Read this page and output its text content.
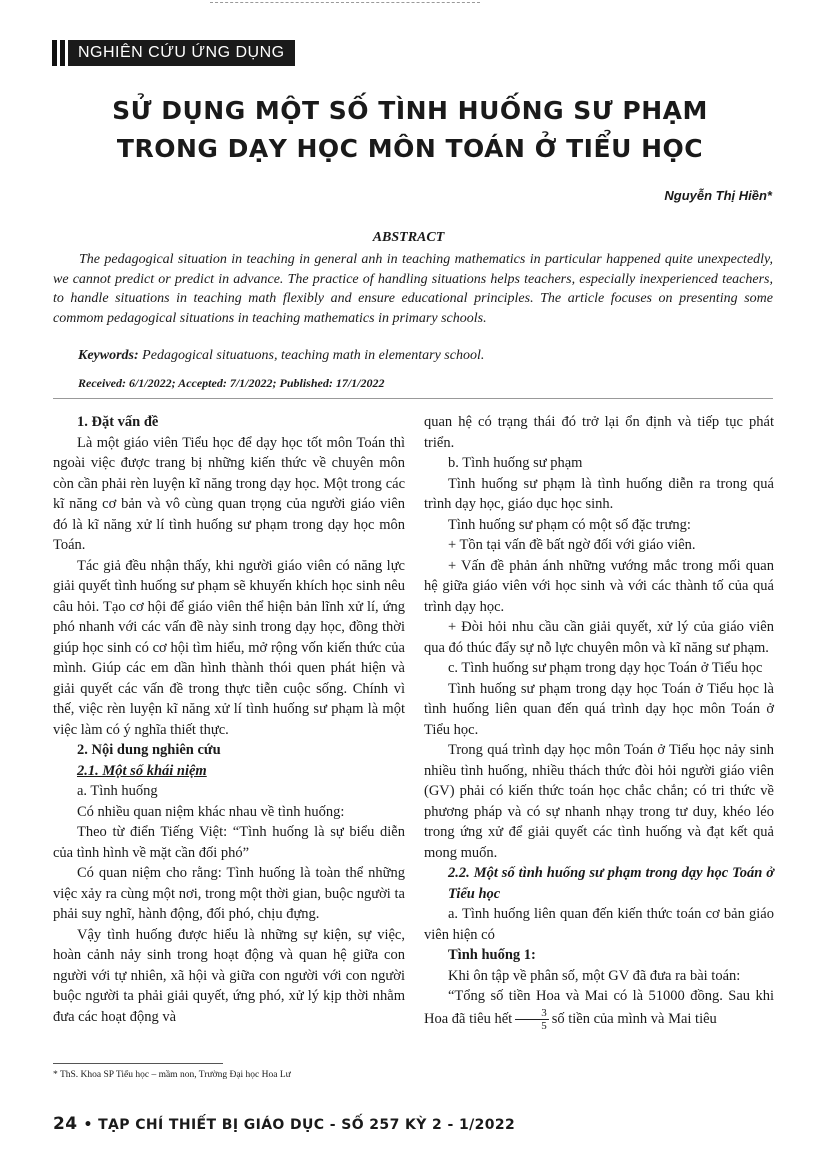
NGHIÊN CỨU ỨNG DỤNG
SỬ DỤNG MỘT SỐ TÌNH HUỐNG SƯ PHẠM
TRONG DẠY HỌC MÔN TOÁN Ở TIỂU HỌC
Nguyễn Thị Hiền*
ABSTRACT
The pedagogical situation in teaching in general anh in teaching mathematics in particular happened quite unexpectedly, we cannot predict or predict in advance. The practice of handling situations helps teachers, especially inexperienced teachers, to handle situations in teaching math flexibly and ensure educational principles. The article focuses on presenting some commom pedagogical situations in teaching mathematics in primary schools.
Keywords: Pedagogical situatuons, teaching math in elementary school.
Received: 6/1/2022; Accepted: 7/1/2022; Published: 17/1/2022

1. Đặt vấn đề

Là một giáo viên Tiểu học để dạy học tốt môn Toán thì ngoài việc được trang bị những kiến thức về chuyên môn còn cần phải rèn luyện kĩ năng trong dạy học. Một trong các kĩ năng cơ bản và vô cùng quan trọng của người giáo viên đó là kĩ năng xử lí tình huống sư phạm trong dạy học môn Toán.

Tác giả đều nhận thấy, khi người giáo viên có năng lực giải quyết tình huống sư phạm sẽ khuyến khích học sinh nêu câu hỏi. Tạo cơ hội để giáo viên thể hiện bản lĩnh xử lí, ứng phó nhanh với các vấn đề này sinh trong dạy học, đồng thời giúp học sinh có cơ hội tìm hiểu, mở rộng vốn kiến thức của mình. Giúp các em dần hình thành thói quen phát hiện và giải quyết các vấn đề trong thực tiễn cuộc sống. Chính vì thế, việc rèn luyện kĩ năng xử lí tình huống sư phạm là một việc làm có ý nghĩa thiết thực.

2. Nội dung nghiên cứu

2.1. Một số khái niệm

a. Tình huống

Có nhiều quan niệm khác nhau về tình huống:

Theo từ điển Tiếng Việt: “Tình huống là sự biểu diễn của tình hình về mặt cần đối phó”

Có quan niệm cho rằng: Tình huống là toàn thể những việc xảy ra cùng một nơi, trong một thời gian, buộc người ta phải suy nghĩ, hành động, đối phó, chịu đựng.

Vậy tình huống được hiểu là những sự kiện, sự việc, hoàn cảnh nảy sinh trong hoạt động và quan hệ giữa con người với tự nhiên, xã hội và giữa con người với con người buộc người ta phải giải quyết, ứng phó, xử lý kịp thời nhằm đưa các hoạt động và

quan hệ có trạng thái đó trở lại ổn định và tiếp tục phát triển.

b. Tình huống sư phạm

Tình huống sư phạm là tình huống diễn ra trong quá trình dạy học, giáo dục học sinh.

Tình huống sư phạm có một số đặc trưng:

+ Tồn tại vấn đề bất ngờ đối với giáo viên.

+ Vấn đề phản ánh những vướng mắc trong mối quan hệ giữa giáo viên với học sinh và với các thành tố của quá trình dạy học.

+ Đòi hỏi nhu cầu cần giải quyết, xử lý của giáo viên qua đó thúc đẩy sự nỗ lực chuyên môn và kĩ năng sư phạm.

c. Tình huống sư phạm trong dạy học Toán ở Tiểu học

Tình huống sư phạm trong dạy học Toán ở Tiểu học là tình huống liên quan đến quá trình dạy học môn Toán ở Tiểu học.

Trong quá trình dạy học môn Toán ở Tiểu học nảy sinh nhiều tình huống, nhiều thách thức đòi hỏi người giáo viên (GV) phải có kiến thức toán học chắc chắn; có tri thức về phương pháp và có sự nhanh nhạy trong tư duy, khéo léo trong ứng xử để giải quyết các tình huống và đạt kết quả mong muốn.

2.2. Một số tình huống sư phạm trong dạy học Toán ở Tiểu học

a. Tình huống liên quan đến kiến thức toán cơ bản giáo viên hiện có

Tình huống 1:

Khi ôn tập về phân số, một GV đã đưa ra bài toán:

“Tổng số tiền Hoa và Mai có là 51000 đồng. Sau khi Hoa đã tiêu hết $\frac{3}{5}$ số tiền của mình và Mai tiêu

* ThS. Khoa SP Tiểu học – mầm non, Trường Đại học Hoa Lư
24 • TẠP CHÍ THIẾT BỊ GIÁO DỤC - SỐ 257 KỲ 2 - 1/2022
